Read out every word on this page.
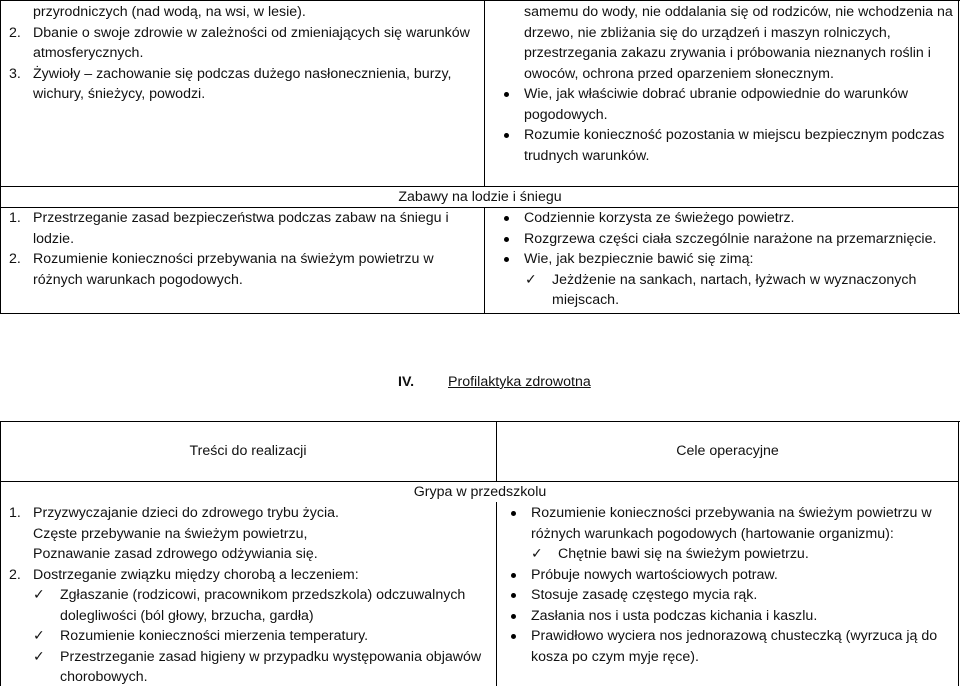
przyrodniczych (nad wodą, na wsi, w lesie).
2. Dbanie o swoje zdrowie w zależności od zmieniających się warunków atmosferycznych.
3. Żywioły – zachowanie się podczas dużego nasłonecznienia, burzy, wichury, śnieżycy, powodzi.
samemu do wody, nie oddalania się od rodziców, nie wchodzenia na drzewo, nie zbliżania się do urządzeń i maszyn rolniczych, przestrzegania zakazu zrywania i próbowania nieznanych roślin i owoców, ochrona przed oparzeniem słonecznym.
Wie, jak właściwie dobrać ubranie odpowiednie do warunków pogodowych.
Rozumie konieczność pozostania w miejscu bezpiecznym podczas trudnych warunków.
Zabawy na lodzie i śniegu
1. Przestrzeganie zasad bezpieczeństwa podczas zabaw na śniegu i lodzie.
2. Rozumienie konieczności przebywania na świeżym powietrzu w różnych warunkach pogodowych.
Codziennie korzysta ze świeżego powietrz.
Rozgrzewa części ciała szczególnie narażone na przemarznięcie.
Wie, jak bezpiecznie bawić się zimą:
✓ Jeżdżenie na sankach, nartach, łyżwach w wyznaczonych miejscach.
IV. Profilaktyka zdrowotna
Treści do realizacji	Cele operacyjne
Grypa w przedszkolu
1. Przyzwyczajanie dzieci do zdrowego trybu życia.
Częste przebywanie na świeżym powietrzu,
Poznawanie zasad zdrowego odżywiania się.
2. Dostrzeganie związku między chorobą a leczeniem:
✓ Zgłaszanie (rodzicowi, pracownikom przedszkola) odczuwalnych dolegliwości (ból głowy, brzucha, gardła)
✓ Rozumienie konieczności mierzenia temperatury.
✓ Przestrzeganie zasad higieny w przypadku występowania objawów chorobowych.
Rozumienie konieczności przebywania na świeżym powietrzu w różnych warunkach pogodowych (hartowanie organizmu):
✓ Chętnie bawi się na świeżym powietrzu.
Próbuje nowych wartościowych potraw.
Stosuje zasadę częstego mycia rąk.
Zasłania nos i usta podczas kichania i kaszlu.
Prawidłowo wyciera nos jednorazową chusteczką (wyrzuca ją do kosza po czym myje ręce).
